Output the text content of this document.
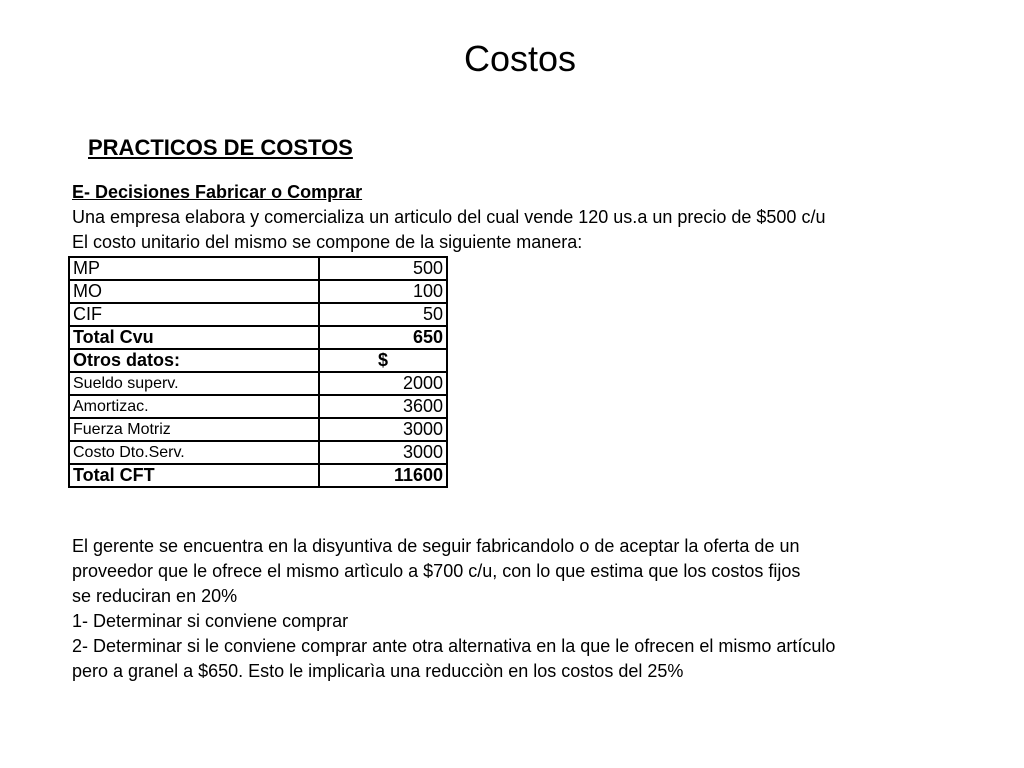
Costos
PRACTICOS DE COSTOS
E- Decisiones Fabricar o Comprar
Una empresa elabora y comercializa un articulo del cual vende 120 us.a un precio de $500 c/u
El costo unitario del mismo se compone de la siguiente manera:
MP	500
MO	100
CIF	50
Total Cvu	650
Otros datos:	$
Sueldo superv.	2000
Amortizac.	3600
Fuerza Motriz	3000
Costo Dto.Serv.	3000
Total CFT	11600
El gerente se encuentra en la disyuntiva de seguir fabricandolo o de aceptar la oferta de un
proveedor que le ofrece el mismo artìculo a $700 c/u, con lo que estima que los costos fijos
se reduciran en 20%
1- Determinar si conviene comprar
2- Determinar si le conviene comprar ante otra alternativa en la que le ofrecen el mismo artículo
pero a granel a $650. Esto le implicarìa una reducciòn en los costos del 25%
